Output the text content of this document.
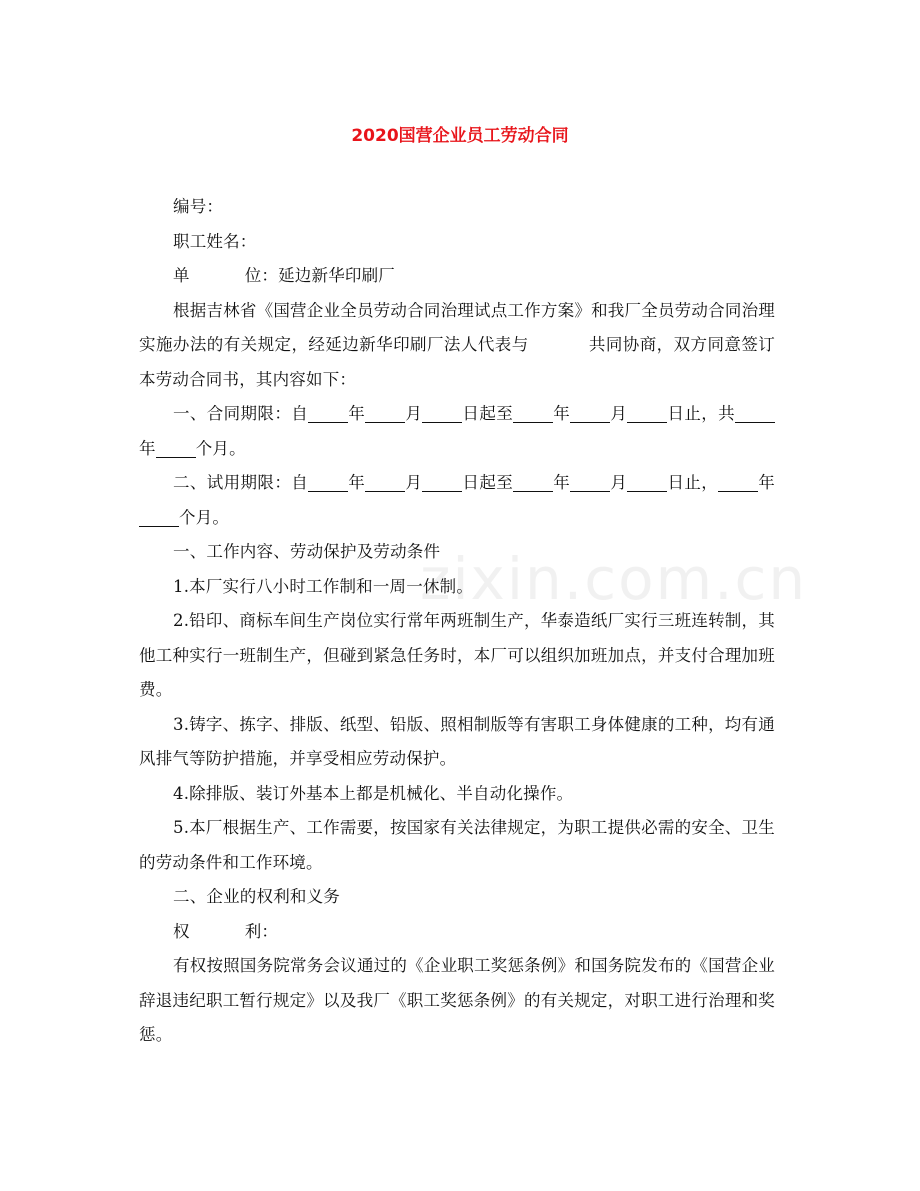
2020国营企业员工劳动合同
zixin.com.cn

编号：

职工姓名：

单	位：延边新华印刷厂

根据吉林省《国营企业全员劳动合同治理试点工作方案》和我厂全员劳动合同治理实施办法的有关规定，经延边新华印刷厂法人代表与	共同协商，双方同意签订本劳动合同书，其内容如下：

一、合同期限：自 年 月 日起至 年 月 日止，共年 个月。

二、试用期限：自 年 月 日起至 年 月 日止， 年个月。

一、工作内容、劳动保护及劳动条件

1.本厂实行八小时工作制和一周一休制。

2.铅印、商标车间生产岗位实行常年两班制生产，华泰造纸厂实行三班连转制，其他工种实行一班制生产，但碰到紧急任务时，本厂可以组织加班加点，并支付合理加班费。

3.铸字、拣字、排版、纸型、铅版、照相制版等有害职工身体健康的工种，均有通风排气等防护措施，并享受相应劳动保护。

4.除排版、装订外基本上都是机械化、半自动化操作。

5.本厂根据生产、工作需要，按国家有关法律规定，为职工提供必需的安全、卫生的劳动条件和工作环境。

二、企业的权利和义务

权	利：

有权按照国务院常务会议通过的《企业职工奖惩条例》和国务院发布的《国营企业辞退违纪职工暂行规定》以及我厂《职工奖惩条例》的有关规定，对职工进行治理和奖惩。
